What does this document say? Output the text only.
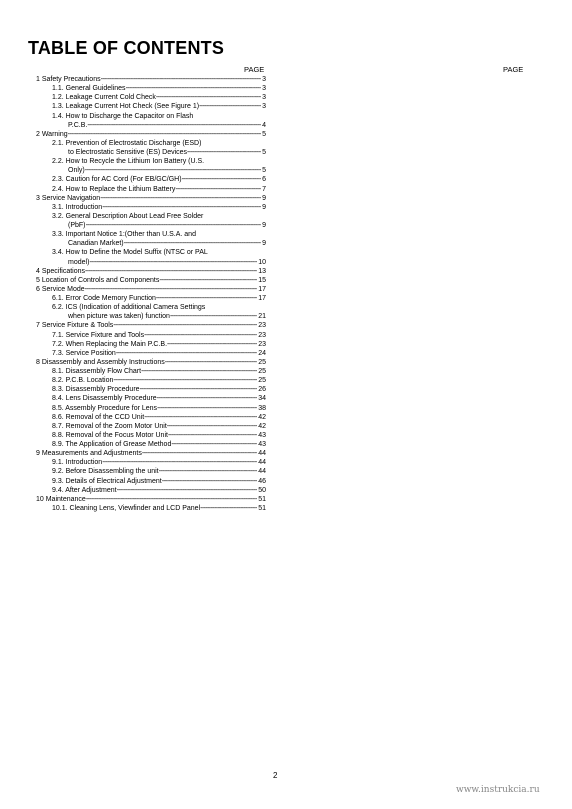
TABLE OF CONTENTS
PAGE	PAGE
1 Safety Precautions -----	3
1.1. General Guidelines -----	3
1.2. Leakage Current Cold Check -----	3
1.3. Leakage Current Hot Check (See Figure 1) -----	3
1.4. How to Discharge the Capacitor on Flash
P.C.B. -----	4
2 Warning -----	5
2.1. Prevention of Electrostatic Discharge (ESD)
to Electrostatic Sensitive (ES) Devices -----	5
2.2. How to Recycle the Lithium Ion Battery (U.S.
Only) -----	5
2.3. Caution for AC Cord (For EB/GC/GH) -----	6
2.4. How to Replace the Lithium Battery -----	7
3 Service Navigation -----	9
3.1. Introduction -----	9
3.2. General Description About Lead Free Solder
(PbF) -----	9
3.3. Important Notice 1:(Other than U.S.A. and
Canadian Market) -----	9
3.4. How to Define the Model Suffix (NTSC or PAL
model) -----	10
4 Specifications -----	13
5 Location of Controls and Components -----	15
6 Service Mode -----	17
6.1. Error Code Memory Function -----	17
6.2. ICS (Indication of additional Camera Settings
when picture was taken) function -----	21
7 Service Fixture & Tools -----	23
7.1. Service Fixture and Tools -----	23
7.2. When Replacing the Main P.C.B. -----	23
7.3. Service Position -----	24
8 Disassembly and Assembly Instructions -----	25
8.1. Disassembly Flow Chart -----	25
8.2. P.C.B. Location -----	25
8.3. Disassembly Procedure -----	26
8.4. Lens Disassembly Procedure -----	34
8.5. Assembly Procedure for Lens -----	38
8.6. Removal of the CCD Unit -----	42
8.7. Removal of the Zoom Motor Unit -----	42
8.8. Removal of the Focus Motor Unit -----	43
8.9. The Application of Grease Method -----	43
9 Measurements and Adjustments -----	44
9.1. Introduction -----	44
9.2. Before Disassembling the unit -----	44
9.3. Details of Electrical Adjustment -----	46
9.4. After Adjustment -----	50
10 Maintenance -----	51
10.1. Cleaning Lens, Viewfinder and LCD Panel -----	51
2
www.instrukcia.ru
